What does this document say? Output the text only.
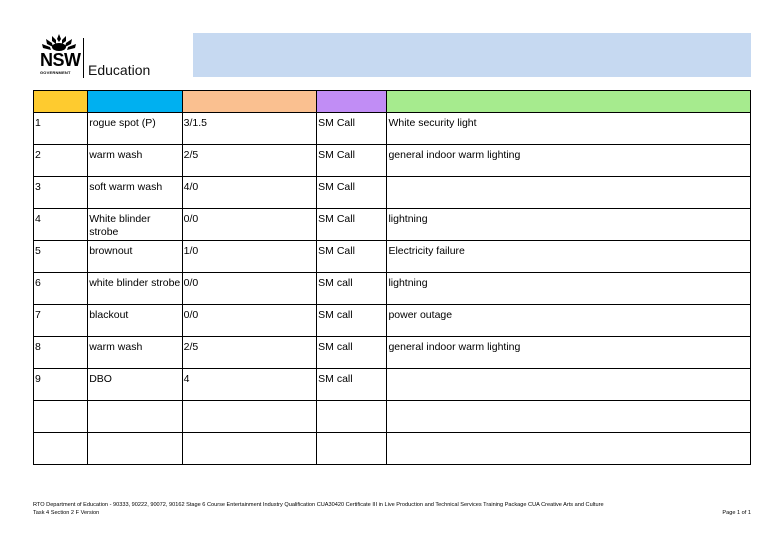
NSW
GOVERNMENT Education

1	rogue spot (P)	3/1.5	SM Call	White security light
2	warm wash	2/5	SM Call	general indoor warm lighting
3	soft warm wash	4/0	SM Call	
4	White blinder strobe	0/0	SM Call	lightning
5	brownout	1/0	SM Call	Electricity failure
6	white blinder strobe	0/0	SM call	lightning
7	blackout	0/0	SM call	power outage
8	warm wash	2/5	SM call	general indoor warm lighting
9	DBO	4	SM call	

RTO Department of Education - 90333, 90222, 90072, 90162 Stage 6 Course Entertainment Industry Qualification CUA30420 Certificate III in Live Production and Technical Services Training Package CUA Creative Arts and Culture
Task 4 Section 2 F Version	Page 1 of 1
